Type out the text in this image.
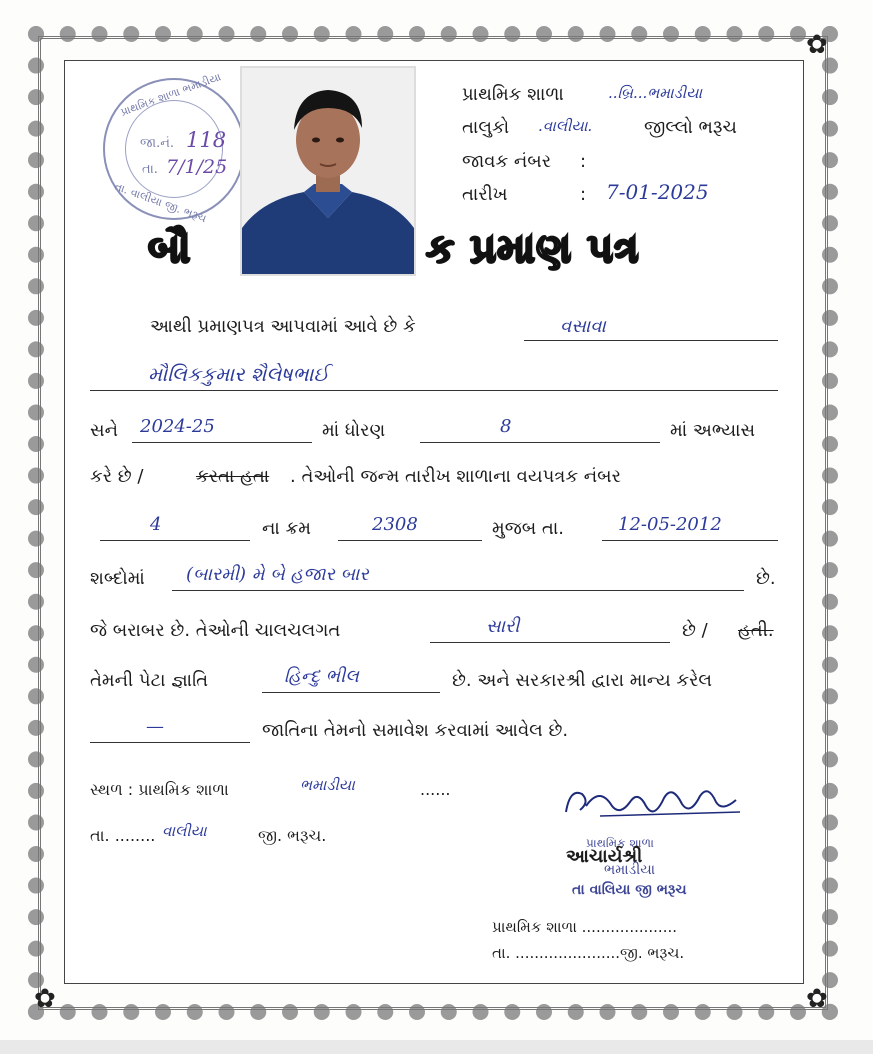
✿
✿
✿
પ્રાથમિક શાળા ભમાડીયા
તા. વાલીયા જી. ભરૂચ
જા.નં. 118
તા. 7/1/25
પ્રાથમિક શાળા	..બ્રિ...ભમાડીયા
તાલુકો .વાલીયા.	જીલ્લો ભરૂચ
જાવક નંબર :
તારીખ	: 7-01-2025
બૌ	ક પ્રમાણ પત્ર
આથી પ્રમાણપત્ર આપવામાં આવે છે કે	વસાવા
મૌલિકકુમાર શૈલેષભાઈ
સને 2024-25	માં ધોરણ	8	માં અભ્યાસ
કરે છે /	કરતા હતા . તેઓની જન્મ તારીખ શાળાના વયપત્રક નંબર
4	ના ક્રમ	2308	મુજબ તા.	12-05-2012
શબ્દોમાં (બારમી) મે બે હજાર બાર	છે.
જે બરાબર છે. તેઓની ચાલચલગત	સારી	છે / હતી.
તેમની પેટા જ્ઞાતિ	હિન્દુ ભીલ	છે. અને સરકારશ્રી દ્વારા માન્ય કરેલ
—	જાતિના તેમનો સમાવેશ કરવામાં આવેલ છે.
સ્થળ : પ્રાથમિક શાળા	ભમાડીયા	......
તા. ........ વાલીયા	જી. ભરૂચ.	પ્રાથમિક શાળા
આચાર્યશ્રી
ભમાડીયા
તા વાલિયા જી ભરૂચ
પ્રાથમિક શાળા ....................
તા. ......................જી. ભરૂચ.
